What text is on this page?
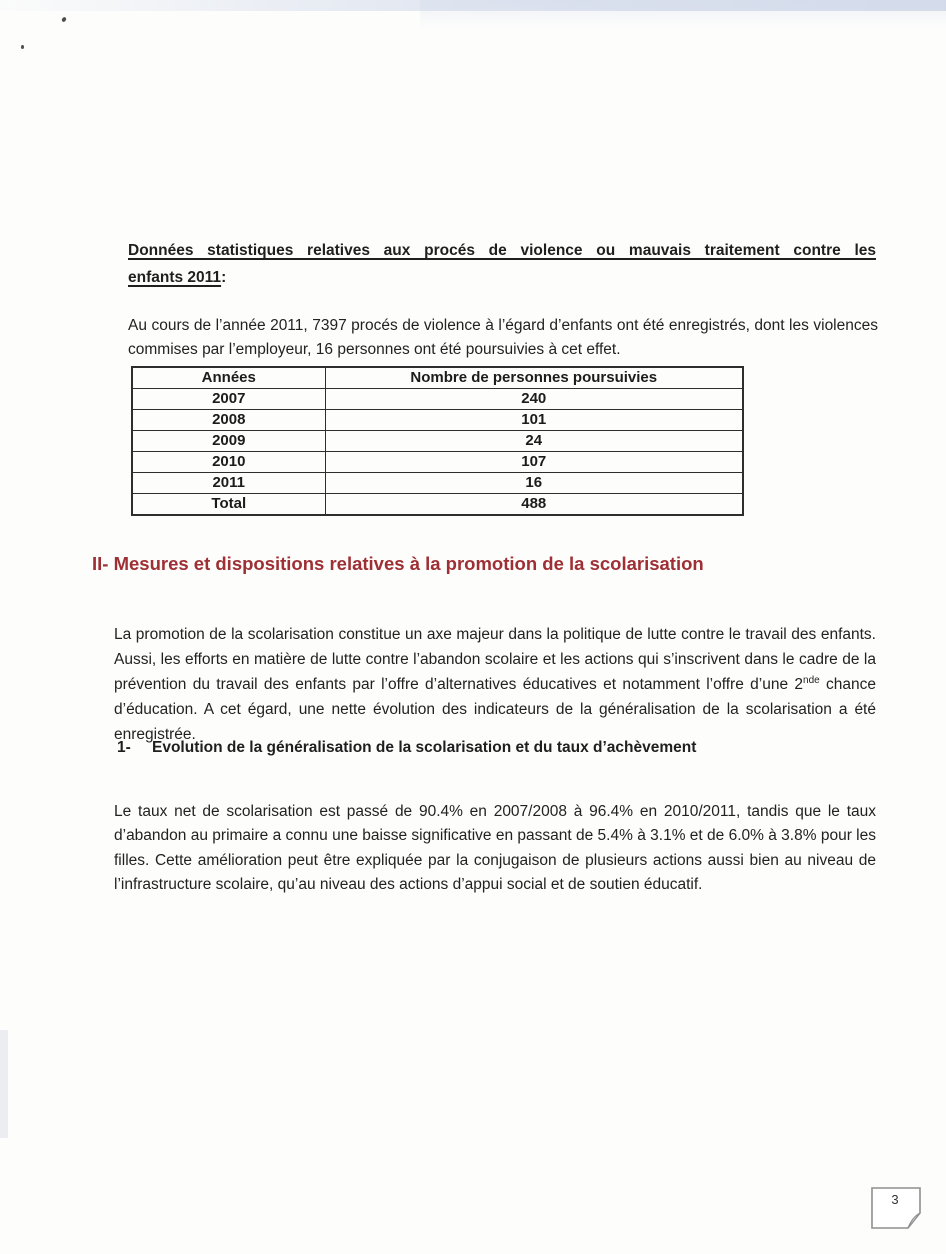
Données statistiques relatives aux procés de violence ou mauvais traitement contre les
enfants 2011:

Au cours de l’année 2011, 7397 procés de violence à l’égard d’enfants ont été enregistrés, dont les violences commises par l’employeur, 16 personnes ont été poursuivies à cet effet.

Années	Nombre de personnes poursuivies
2007	240
2008	101
2009	24
2010	107
2011	16
Total	488
II- Mesures et dispositions relatives à la promotion de la scolarisation

La promotion de la scolarisation constitue un axe majeur dans la politique de lutte contre le travail des enfants. Aussi, les efforts en matière de lutte contre l’abandon scolaire et les actions qui s’inscrivent dans le cadre de la prévention du travail des enfants par l’offre d’alternatives éducatives et notamment l’offre d’une 2nde chance d’éducation. A cet égard, une nette évolution des indicateurs de la généralisation de la scolarisation a été enregistrée.

1-	Evolution de la généralisation de la scolarisation et du taux d’achèvement

Le taux net de scolarisation est passé de 90.4% en 2007/2008 à 96.4% en 2010/2011, tandis que le taux d’abandon au primaire a connu une baisse significative en passant de 5.4% à 3.1% et de 6.0% à 3.8% pour les filles. Cette amélioration peut être expliquée par la conjugaison de plusieurs actions aussi bien au niveau de l’infrastructure scolaire, qu’au niveau des actions d’appui social et de soutien éducatif.

3
